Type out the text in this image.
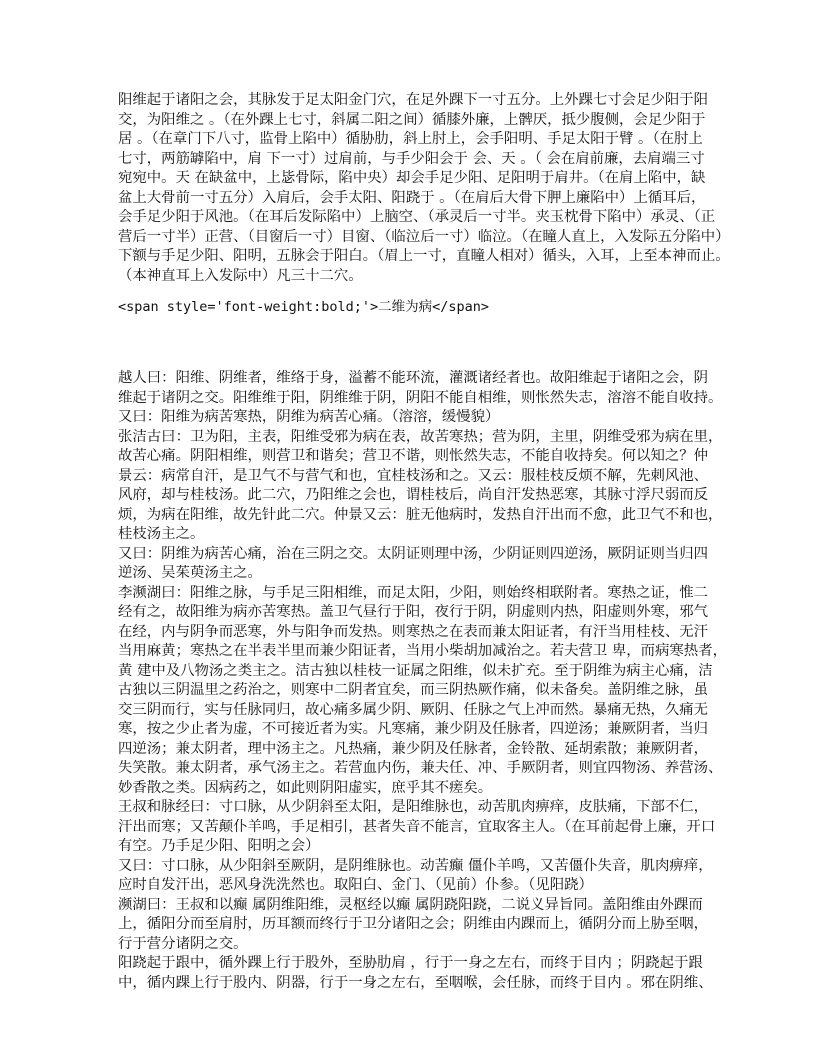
阳维起于诸阳之会，其脉发于足太阳金门穴，在足外踝下一寸五分。上外踝七寸会足少阳于阳
交，为阳维之 。（在外踝上七寸，斜属二阳之间）循膝外廉，上髀厌，抵少腹侧，会足少阳于
居 。（在章门下八寸，监骨上陷中）循胁肋，斜上肘上，会手阳明、手足太阳于臂 。（在肘上
七寸，两筋罅陷中，肩 下一寸）过肩前，与手少阳会于 会、天 。（ 会在肩前廉，去肩端三寸
宛宛中。天 在缺盆中，上毖骨际，陷中央）却会手足少阳、足阳明于肩井。（在肩上陷中，缺
盆上大骨前一寸五分）入肩后，会手太阳、阳跷于 。（在肩后大骨下胛上廉陷中）上循耳后，
会手足少阳于风池。（在耳后发际陷中）上脑空、（承灵后一寸半。夹玉枕骨下陷中）承灵、（正
营后一寸半）正营、（目窗后一寸）目窗、（临泣后一寸）临泣。（在瞳人直上，入发际五分陷中）
下额与手足少阳、阳明，五脉会于阳白。（眉上一寸，直瞳人相对）循头，入耳，上至本神而止。
（本神直耳上入发际中）凡三十二穴。
<span style='font-weight:bold;'>二维为病</span>
越人曰：阳维、阴维者，维络于身，溢蓄不能环流，灌溉诸经者也。故阳维起于诸阳之会，阴
维起于诸阴之交。阳维维于阳，阴维维于阴，阴阳不能自相维，则怅然失志，溶溶不能自收持。
又曰：阳维为病苦寒热，阴维为病苦心痛。（溶溶，缓慢貌）
张洁古曰：卫为阳，主表，阳维受邪为病在表，故苦寒热；营为阴，主里，阴维受邪为病在里，
故苦心痛。阴阳相维，则营卫和谐矣；营卫不谐，则怅然失志，不能自收持矣。何以知之？仲
景云：病常自汗，是卫气不与营气和也，宜桂枝汤和之。又云：服桂枝反烦不解，先刺风池、
风府，却与桂枝汤。此二穴，乃阳维之会也，谓桂枝后，尚自汗发热恶寒，其脉寸浮尺弱而反
烦，为病在阳维，故先针此二穴。仲景又云：脏无他病时，发热自汗出而不愈，此卫气不和也，
桂枝汤主之。
又曰：阴维为病苦心痛，治在三阴之交。太阴证则理中汤，少阴证则四逆汤，厥阴证则当归四
逆汤、吴茱萸汤主之。
李濒湖曰：阳维之脉，与手足三阳相维，而足太阳，少阳，则始终相联附者。寒热之证，惟二
经有之，故阳维为病亦苦寒热。盖卫气昼行于阳，夜行于阴，阴虚则内热，阳虚则外寒，邪气
在经，内与阴争而恶寒，外与阳争而发热。则寒热之在表而兼太阳证者，有汗当用桂枝、无汗
当用麻黄；寒热之在半表半里而兼少阳证者，当用小柴胡加减治之。若夫营卫 卑，而病寒热者，
黄 建中及八物汤之类主之。洁古独以桂枝一证属之阳维，似未扩充。至于阴维为病主心痛，洁
古独以三阴温里之药治之，则寒中二阴者宜矣，而三阴热厥作痛，似未备矣。盖阴维之脉，虽
交三阴而行，实与任脉同归，故心痛多属少阴、厥阴、任脉之气上冲而然。暴痛无热，久痛无
寒，按之少止者为虚，不可接近者为实。凡寒痛，兼少阴及任脉者，四逆汤；兼厥阴者，当归
四逆汤；兼太阴者，理中汤主之。凡热痛，兼少阴及任脉者，金铃散、延胡索散；兼厥阴者，
失笑散。兼太阴者，承气汤主之。若营血内伤，兼夫任、冲、手厥阴者，则宜四物汤、养营汤、
妙香散之类。因病药之，如此则阴阳虚实，庶乎其不瘥矣。
王叔和脉经曰：寸口脉，从少阴斜至太阳，是阳维脉也，动苦肌肉痹痒，皮肤痛，下部不仁，
汗出而寒；又苦颠仆羊鸣，手足相引，甚者失音不能言，宜取客主人。（在耳前起骨上廉，开口
有空。乃手足少阳、阳明之会）
又曰：寸口脉，从少阳斜至厥阴，是阴维脉也。动苦癫 僵仆羊鸣，又苦僵仆失音，肌肉痹痒，
应时自发汗出，恶风身洗洗然也。取阳白、金门、（见前）仆参。（见阳跷）
濒湖曰：王叔和以癫 属阴维阳维，灵枢经以癫 属阴跷阳跷，二说义异旨同。盖阳维由外踝而
上，循阳分而至肩肘，历耳额而终行于卫分诸阳之会；阴维由内踝而上，循阴分而上胁至咽，
行于营分诸阴之交。
阳跷起于跟中，循外踝上行于股外，至胁肋肩 ，行于一身之左右，而终于目内 ；阴跷起于跟
中，循内踝上行于股内、阴器，行于一身之左右，至咽喉，会任脉，而终于目内 。邪在阴维、
